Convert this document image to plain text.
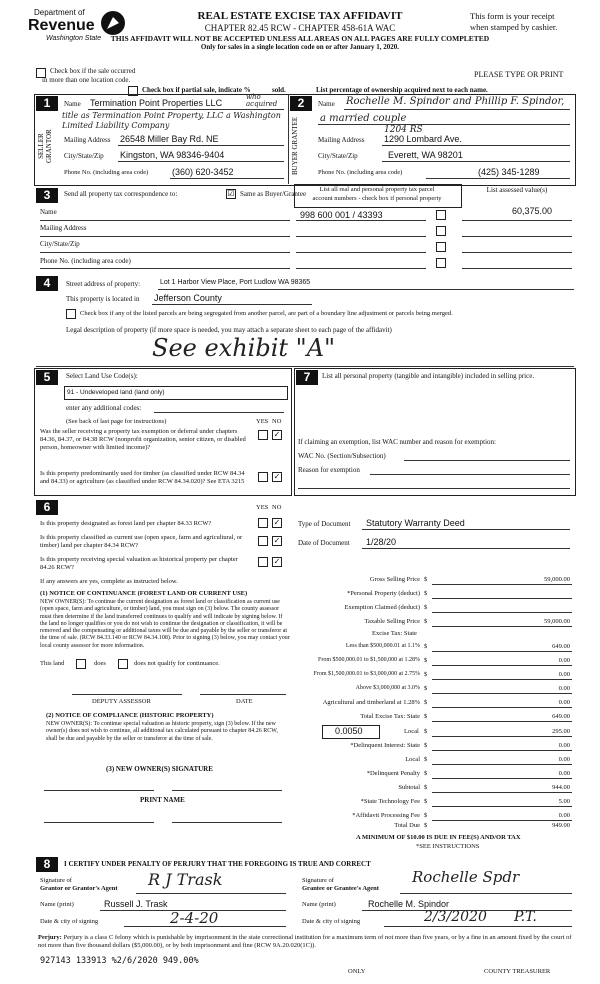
Department of
Revenue
Washington State
REAL ESTATE EXCISE TAX AFFIDAVIT
CHAPTER 82.45 RCW - CHAPTER 458-61A WAC
THIS AFFIDAVIT WILL NOT BE ACCEPTED UNLESS ALL AREAS ON ALL PAGES ARE FULLY COMPLETED
Only for sales in a single location code on or after January 1, 2020.
This form is your receipt
when stamped by cashier.
PLEASE TYPE OR PRINT
Check box if the sale occurred
in more than one location code.
Check box if partial sale, indicate %	sold.	List percentage of ownership acquired next to each name.
1
SELLER GRANTOR
Name Termination Point Properties LLC
who acquired
title as Termination Point Property, LLC a Washington
Limited Liability Company
Mailing Address 26548 Miller Bay Rd. NE
City/State/Zip Kingston, WA 98346-9404
Phone No. (including area code)	(360) 620-3452
2
BUYER GRANTEE
Name Rochelle M. Spindor and Phillip F. Spindor,
a married couple
Mailing Address
1204 RS
1290 Lombard Ave.
City/State/Zip	Everett, WA 98201
Phone No. (including area code)	(425) 345-1289
3	Send all property tax correspondence to:	☑ Same as Buyer/Grantee
List all real and personal property tax parcel
account numbers - check box if personal property
List assessed value(s)
Name
Mailing Address
City/State/Zip
Phone No. (including area code)
998 600 001 / 43393	60,375.00
4	Street address of property:	Lot 1 Harbor View Place, Port Ludlow WA 98365
This property is located in Jefferson County
Check box if any of the listed parcels are being segregated from another parcel, are part of a boundary line adjustment or parcels being merged.
Legal description of property (if more space is needed, you may attach a separate sheet to each page of the affidavit)
See exhibit "A"
5	Select Land Use Code(s):
91 - Undeveloped land (land only)
enter any additional codes:
(See back of last page for instructions)	YES NO
Was the seller receiving a property tax exemption or deferral under chapters 84.36, 84.37, or 84.38 RCW (nonprofit organization, senior citizen, or disabled person, homeowner with limited income)?
✓
Is this property predominantly used for timber (as classified under RCW 84.34 and 84.33) or agriculture (as classified under RCW 84.34.020)? See ETA 3215
✓
6	YES NO
Is this property designated as forest land per chapter 84.33 RCW?	✓
Is this property classified as current use (open space, farm and agricultural, or timber) land per chapter 84.34 RCW?
✓
Is this property receiving special valuation as historical property per chapter 84.26 RCW?
✓
If any answers are yes, complete as instructed below.
(1) NOTICE OF CONTINUANCE (FOREST LAND OR CURRENT USE)
NEW OWNER(S): To continue the current designation as forest land or classification as current use (open space, farm and agriculture, or timber) land, you must sign on (3) below. The county assessor must then determine if the land transferred continues to qualify and will indicate by signing below. If the land no longer qualifies or you do not wish to continue the designation or classification, it will be removed and the compensating or additional taxes will be due and payable by the seller or transferor at the time of sale. (RCW 84.33.140 or RCW 84.34.108). Prior to signing (3) below, you may contact your local county assessor for more information.
This land	does	does not qualify for continuance.
DEPUTY ASSESSOR	DATE
(2) NOTICE OF COMPLIANCE (HISTORIC PROPERTY)
NEW OWNER(S): To continue special valuation as historic property, sign (3) below. If the new owner(s) does not wish to continue, all additional tax calculated pursuant to chapter 84.26 RCW, shall be due and payable by the seller or transferor at the time of sale.
(3) NEW OWNER(S) SIGNATURE
PRINT NAME
7	List all personal property (tangible and intangible) included in selling price.
If claiming an exemption, list WAC number and reason for exemption:
WAC No. (Section/Subsection)
Reason for exemption
Type of Document Statutory Warranty Deed
Date of Document 1/28/20
Gross Selling Price $	59,000.00
*Personal Property (deduct) $
Exemption Claimed (deduct) $
Taxable Selling Price $	59,000.00
Excise Tax: State
Less than $500,000.01 at 1.1% $	649.00
From $500,000.01 to $1,500,000 at 1.28% $	0.00
From $1,500,000.01 to $3,000,000 at 2.75% $	0.00
Above $3,000,000 at 3.0% $	0.00
Agricultural and timberland at 1.28% $	0.00
Total Excise Tax: State $	649.00
0.0050	Local $	295.00
*Delinquent Interest: State $	0.00
Local $	0.00
*Delinquent Penalty $	0.00
Subtotal $	944.00
*State Technology Fee $	5.00
*Affidavit Processing Fee $	0.00
Total Due $	949.00
A MINIMUM OF $10.00 IS DUE IN FEE(S) AND/OR TAX
*SEE INSTRUCTIONS
8	I CERTIFY UNDER PENALTY OF PERJURY THAT THE FOREGOING IS TRUE AND CORRECT
Signature of
Grantor or Grantor's Agent R J Trask
Name (print)	Russell J. Trask
Date & city of signing	2-4-20
Signature of
Grantee or Grantee's Agent
Rochelle Spdr
Name (print)	Rochelle M. Spindor
Date & city of signing	2/3/2020 P.T.
Perjury: Perjury is a class C felony which is punishable by imprisonment in the state correctional institution for a maximum term of not more than five years, or by a fine in an amount fixed by the court of not more than five thousand dollars ($5,000.00), or by both imprisonment and fine (RCW 9A.20.020(1C)).
927143 133913 %2/6/2020 949.00%
ONLY	COUNTY TREASURER
